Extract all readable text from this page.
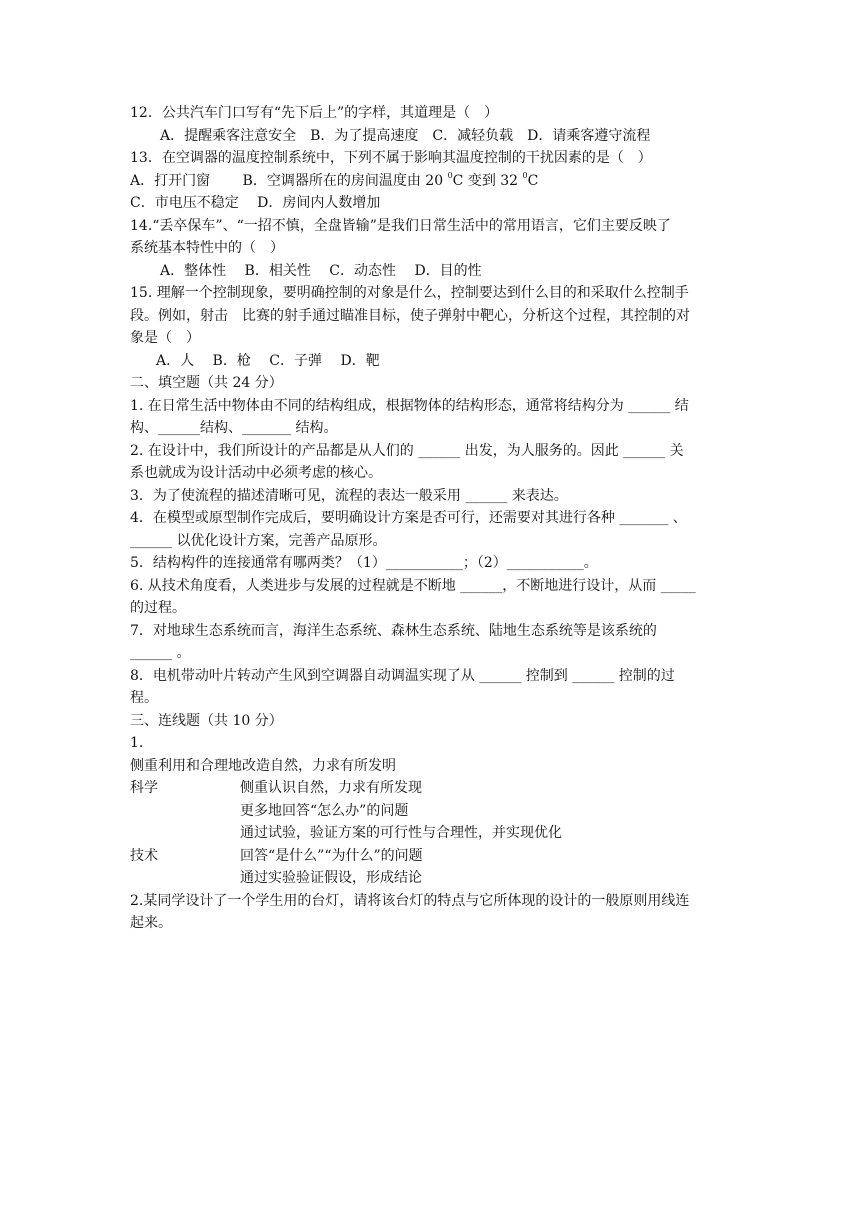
12．公共汽车门口写有“先下后上”的字样，其道理是（　）
A．提醒乘客注意安全　B．为了提高速度　C．减轻负载　D．请乘客遵守流程
13．在空调器的温度控制系统中，下列不属于影响其温度控制的干扰因素的是（　）
A．打开门窗　　 B．空调器所在的房间温度由 20 $^0$C 变到 32 $^0$C
C．市电压不稳定　 D．房间内人数增加
14.“丢卒保车”、“一招不慎，全盘皆输”是我们日常生活中的常用语言，它们主要反映了
系统基本特性中的（　）
A．整体性　 B．相关性　 C．动态性　 D．目的性
15. 理解一个控制现象，要明确控制的对象是什么，控制要达到什么目的和采取什么控制手
段。例如，射击　比赛的射手通过瞄准目标，使子弹射中靶心，分析这个过程，其控制的对
象是（　）
A．人　 B．枪　 C．子弹　 D．靶
二、填空题（共 24 分）
1. 在日常生活中物体由不同的结构组成，根据物体的结构形态，通常将结构分为 ______ 结
构、______结构、_______ 结构。
2. 在设计中，我们所设计的产品都是从人们的 ______ 出发，为人服务的。因此 ______ 关
系也就成为设计活动中必须考虑的核心。
3．为了使流程的描述清晰可见，流程的表达一般采用 ______ 来表达。
4．在模型或原型制作完成后，要明确设计方案是否可行，还需要对其进行各种 _______ 、
______ 以优化设计方案，完善产品原形。
5．结构构件的连接通常有哪两类？（1）___________；（2）___________。
6. 从技术角度看，人类进步与发展的过程就是不断地 ______，不断地进行设计，从而 _____
的过程。
7．对地球生态系统而言，海洋生态系统、森林生态系统、陆地生态系统等是该系统的
______ 。
8．电机带动叶片转动产生风到空调器自动调温实现了从 ______ 控制到 ______ 控制的过
程。
三、连线题（共 10 分）
1.
侧重利用和合理地改造自然，力求有所发明
科学	侧重认识自然，力求有所发现
更多地回答“怎么办”的问题
通过试验，验证方案的可行性与合理性，并实现优化
技术	回答“是什么”“为什么”的问题
通过实验验证假设，形成结论
2.某同学设计了一个学生用的台灯，请将该台灯的特点与它所体现的设计的一般原则用线连
起来。
